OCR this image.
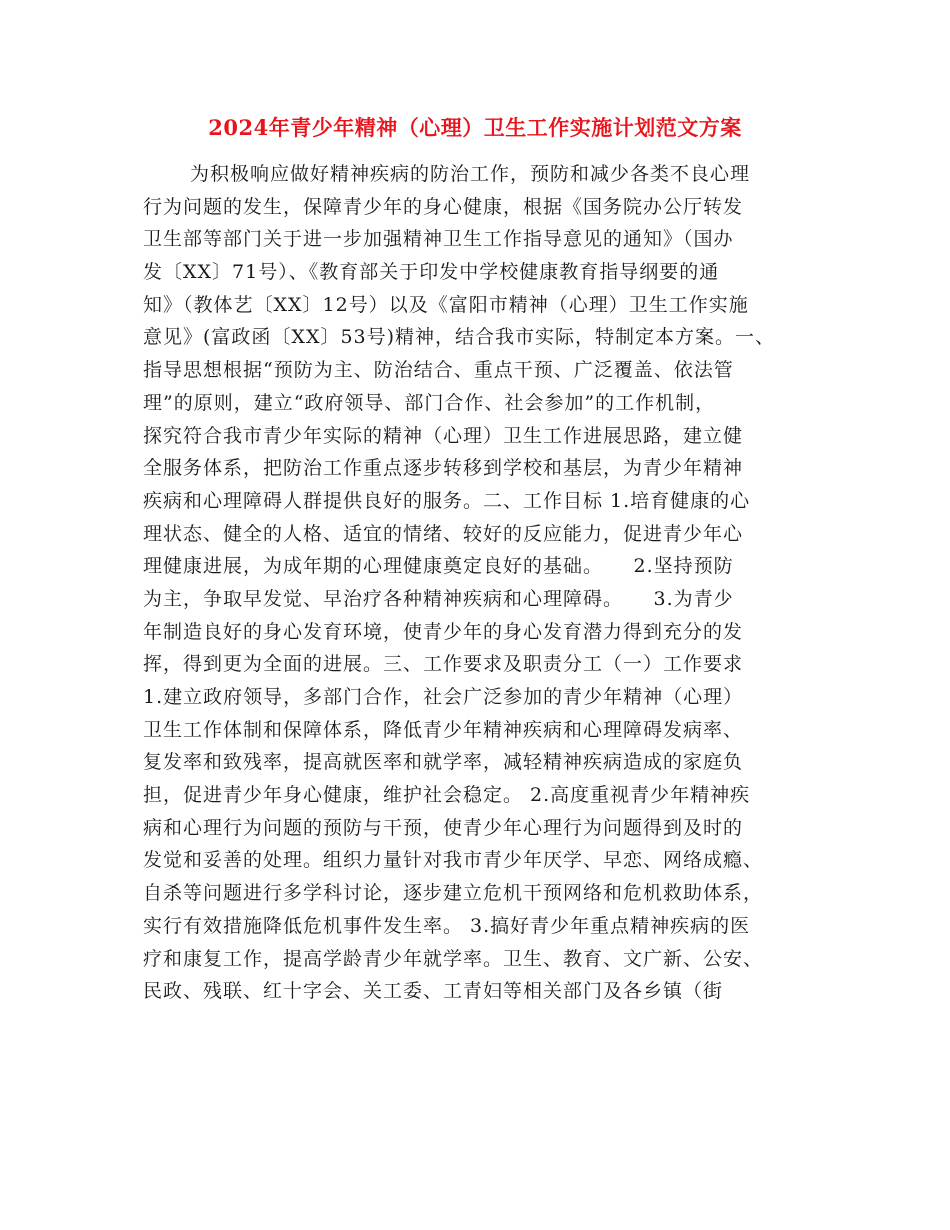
2024年青少年精神（心理）卫生工作实施计划范文方案
为积极响应做好精神疾病的防治工作，预防和减少各类不良心理
行为问题的发生，保障青少年的身心健康，根据《国务院办公厅转发
卫生部等部门关于进一步加强精神卫生工作指导意见的通知》（国办
发〔XX〕71号）、《教育部关于印发中学校健康教育指导纲要的通
知》（教体艺〔XX〕12号）以及《富阳市精神（心理）卫生工作实施
意见》(富政函〔XX〕53号)精神，结合我市实际，特制定本方案。一、
指导思想根据“预防为主、防治结合、重点干预、广泛覆盖、依法管
理”的原则，建立“政府领导、部门合作、社会参加”的工作机制，
探究符合我市青少年实际的精神（心理）卫生工作进展思路，建立健
全服务体系，把防治工作重点逐步转移到学校和基层，为青少年精神
疾病和心理障碍人群提供良好的服务。二、工作目标 1.培育健康的心
理状态、健全的人格、适宜的情绪、较好的反应能力，促进青少年心
理健康进展，为成年期的心理健康奠定良好的基础。　　2.坚持预防
为主，争取早发觉、早治疗各种精神疾病和心理障碍。　　3.为青少
年制造良好的身心发育环境，使青少年的身心发育潜力得到充分的发
挥，得到更为全面的进展。三、工作要求及职责分工（一）工作要求
1.建立政府领导，多部门合作，社会广泛参加的青少年精神（心理）
卫生工作体制和保障体系，降低青少年精神疾病和心理障碍发病率、
复发率和致残率，提高就医率和就学率，减轻精神疾病造成的家庭负
担，促进青少年身心健康，维护社会稳定。 2.高度重视青少年精神疾
病和心理行为问题的预防与干预，使青少年心理行为问题得到及时的
发觉和妥善的处理。组织力量针对我市青少年厌学、早恋、网络成瘾、
自杀等问题进行多学科讨论，逐步建立危机干预网络和危机救助体系，
实行有效措施降低危机事件发生率。 3.搞好青少年重点精神疾病的医
疗和康复工作，提高学龄青少年就学率。卫生、教育、文广新、公安、
民政、残联、红十字会、关工委、工青妇等相关部门及各乡镇（街
